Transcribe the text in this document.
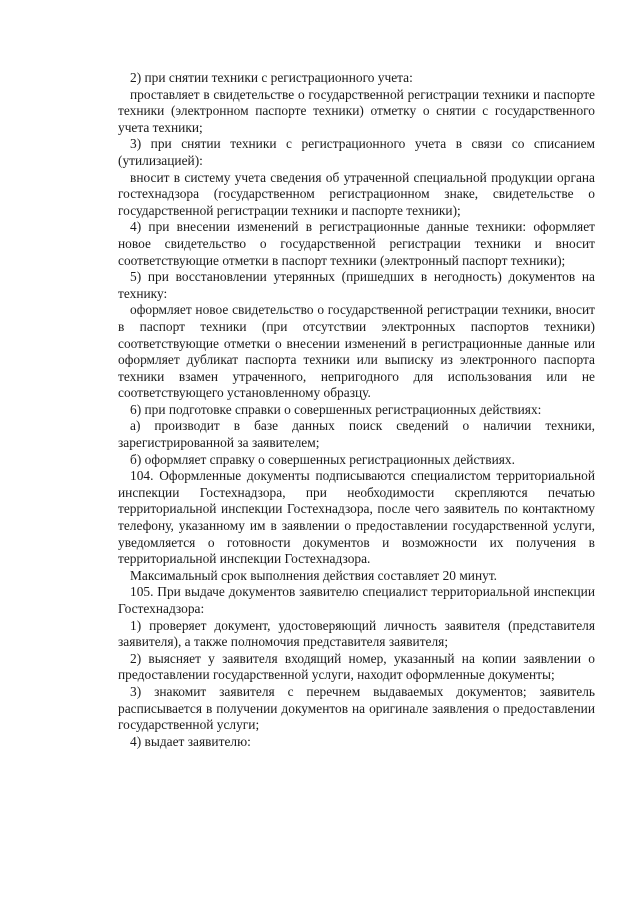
2) при снятии техники с регистрационного учета:

проставляет в свидетельстве о государственной регистрации техники и паспорте техники (электронном паспорте техники) отметку о снятии с государственного учета техники;

3) при снятии техники с регистрационного учета в связи со списанием (утилизацией):

вносит в систему учета сведения об утраченной специальной продукции органа гостехнадзора (государственном регистрационном знаке, свидетельстве о государственной регистрации техники и паспорте техники);

4) при внесении изменений в регистрационные данные техники: оформляет новое свидетельство о государственной регистрации техники и вносит соответствующие отметки в паспорт техники (электронный паспорт техники);

5) при восстановлении утерянных (пришедших в негодность) документов на технику:

оформляет новое свидетельство о государственной регистрации техники, вносит в паспорт техники (при отсутствии электронных паспортов техники) соответствующие отметки о внесении изменений в регистрационные данные или оформляет дубликат паспорта техники или выписку из электронного паспорта техники взамен утраченного, непригодного для использования или не соответствующего установленному образцу.

6) при подготовке справки о совершенных регистрационных действиях:

а) производит в базе данных поиск сведений о наличии техники, зарегистрированной за заявителем;

б) оформляет справку о совершенных регистрационных действиях.

104. Оформленные документы подписываются специалистом территориальной инспекции Гостехнадзора, при необходимости скрепляются печатью территориальной инспекции Гостехнадзора, после чего заявитель по контактному телефону, указанному им в заявлении о предоставлении государственной услуги, уведомляется о готовности документов и возможности их получения в территориальной инспекции Гостехнадзора.

Максимальный срок выполнения действия составляет 20 минут.

105. При выдаче документов заявителю специалист территориальной инспекции Гостехнадзора:

1) проверяет документ, удостоверяющий личность заявителя (представителя заявителя), а также полномочия представителя заявителя;

2) выясняет у заявителя входящий номер, указанный на копии заявлении о предоставлении государственной услуги, находит оформленные документы;

3) знакомит заявителя с перечнем выдаваемых документов; заявитель расписывается в получении документов на оригинале заявления о предоставлении государственной услуги;

4) выдает заявителю:
